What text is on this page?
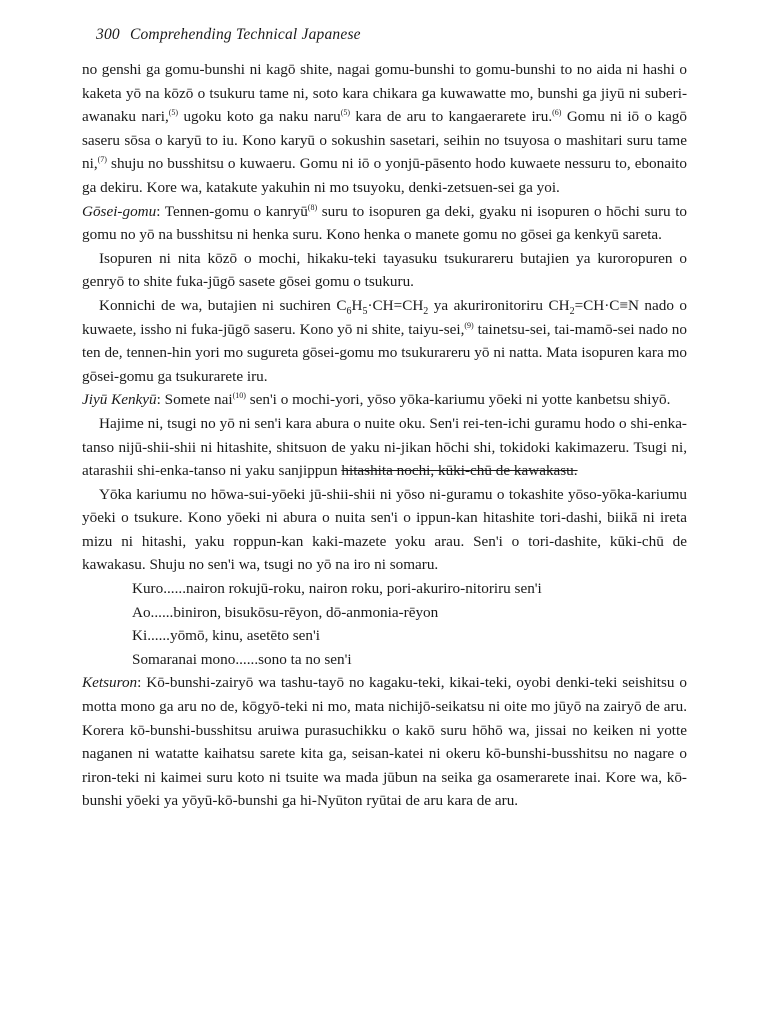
300 Comprehending Technical Japanese

no genshi ga gomu-bunshi ni kagō shite, nagai gomu-bunshi to gomu-bunshi to no aida ni hashi o kaketa yō na kōzō o tsukuru tame ni, soto kara chikara ga kuwawatte mo, bunshi ga jiyū ni suberi-awanaku nari,$^{(5)}$ ugoku koto ga naku naru$^{(5)}$ kara de aru to kangaerarete iru.$^{(6)}$ Gomu ni iō o kagō saseru sōsa o karyū to iu. Kono karyū o sokushin sasetari, seihin no tsuyosa o mashitari suru tame ni,$^{(7)}$ shuju no busshitsu o kuwaeru. Gomu ni iō o yonjū-pāsento hodo kuwaete nessuru to, ebonaito ga dekiru. Kore wa, katakute yakuhin ni mo tsuyoku, denki-zetsuen-sei ga yoi.

Gōsei-gomu: Tennen-gomu o kanryū$^{(8)}$ suru to isopuren ga deki, gyaku ni isopuren o hōchi suru to gomu no yō na busshitsu ni henka suru. Kono henka o manete gomu no gōsei ga kenkyū sareta.

Isopuren ni nita kōzō o mochi, hikaku-teki tayasuku tsukurareru butajien ya kuroropuren o genryō to shite fuka-jūgō sasete gōsei gomu o tsukuru.

Konnichi de wa, butajien ni suchiren $C_6H_5\cdot CH=CH_2$ ya akurironitoriru $CH_2=CH\cdot C\equiv N$ nado o kuwaete, issho ni fuka-jūgō saseru. Kono yō ni shite, taiyu-sei,$^{(9)}$ tainetsu-sei, tai-mamō-sei nado no ten de, tennen-hin yori mo sugureta gōsei-gomu mo tsukurareru yō ni natta. Mata isopuren kara mo gōsei-gomu ga tsukurarete iru.

Jiyū Kenkyū: Somete nai$^{(10)}$ sen'i o mochi-yori, yōso yōka-kariumu yōeki ni yotte kanbetsu shiyō.

Hajime ni, tsugi no yō ni sen'i kara abura o nuite oku. Sen'i rei-ten-ichi guramu hodo o shi-enka-tanso nijū-shii-shii ni hitashite, shitsuon de yaku ni-jikan hōchi shi, tokidoki kakimazeru. Tsugi ni, atarashii shi-enka-tanso ni yaku sanjippun hitashita nochi, kūki-chū de kawakasu.

Yōka kariumu no hōwa-sui-yōeki jū-shii-shii ni yōso ni-guramu o tokashite yōso-yōka-kariumu yōeki o tsukure. Kono yōeki ni abura o nuita sen'i o ippun-kan hitashite tori-dashi, biikā ni ireta mizu ni hitashi, yaku roppun-kan kaki-mazete yoku arau. Sen'i o tori-dashite, kūki-chū de kawakasu. Shuju no sen'i wa, tsugi no yō na iro ni somaru.

Kuro......nairon rokujū-roku, nairon roku, pori-akuriro-nitoriru sen'i
Ao......biniron, bisukōsu-rēyon, dō-anmonia-rēyon
Ki......yōmō, kinu, asetēto sen'i
Somaranai mono......sono ta no sen'i

Ketsuron: Kō-bunshi-zairyō wa tashu-tayō no kagaku-teki, kikai-teki, oyobi denki-teki seishitsu o motta mono ga aru no de, kōgyō-teki ni mo, mata nichijō-seikatsu ni oite mo jūyō na zairyō de aru. Korera kō-bunshi-busshitsu aruiwa purasuchikku o kakō suru hōhō wa, jissai no keiken ni yotte naganen ni watatte kaihatsu sarete kita ga, seisan-katei ni okeru kō-bunshi-busshitsu no nagare o riron-teki ni kaimei suru koto ni tsuite wa mada jūbun na seika ga osamerarete inai. Kore wa, kō-bunshi yōeki ya yōyū-kō-bunshi ga hi-Nyūton ryūtai de aru kara de aru.
